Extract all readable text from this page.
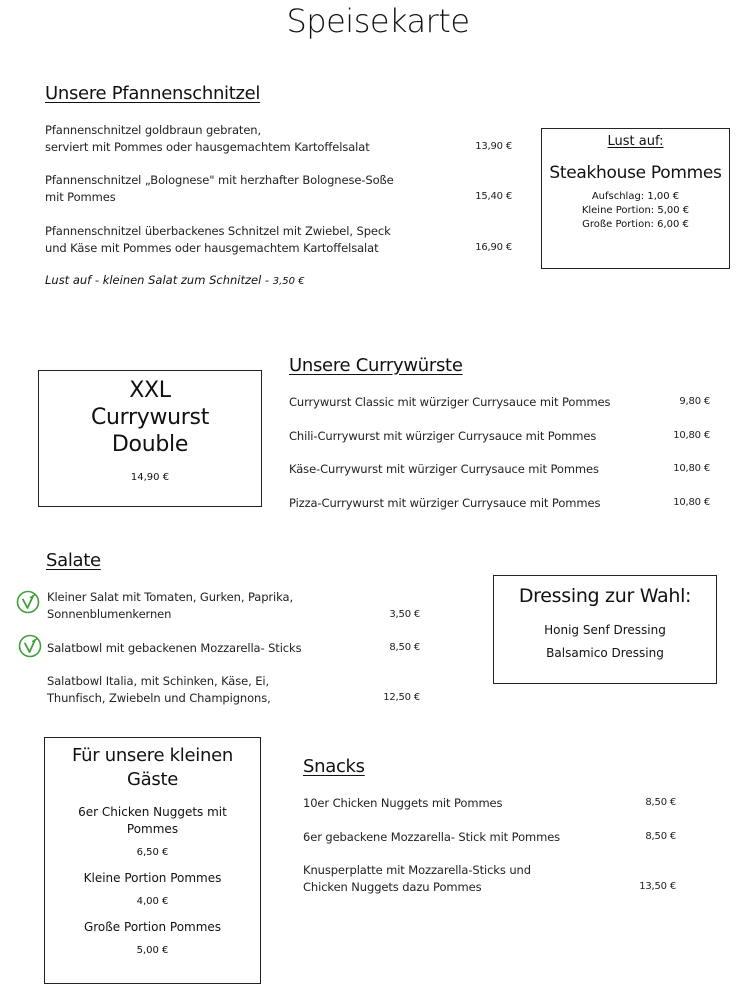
Speisekarte
Unsere Pfannenschnitzel
Pfannenschnitzel goldbraun gebraten,
serviert mit Pommes oder hausgemachtem Kartoffelsalat	13,90 €
Pfannenschnitzel „Bolognese" mit herzhafter Bolognese-Soße
mit Pommes	15,40 €
Pfannenschnitzel überbackenes Schnitzel mit Zwiebel, Speck
und Käse mit Pommes oder hausgemachtem Kartoffelsalat	16,90 €
Lust auf - kleinen Salat zum Schnitzel - 3,50 €
Lust auf:
Steakhouse Pommes
Aufschlag: 1,00 €
Kleine Portion: 5,00 €
Große Portion: 6,00 €
XXL
Currywurst
Double
14,90 €
Unsere Currywürste
Currywurst Classic mit würziger Currysauce mit Pommes	9,80 €
Chili-Currywurst mit würziger Currysauce mit Pommes	10,80 €
Käse-Currywurst mit würziger Currysauce mit Pommes	10,80 €
Pizza-Currywurst mit würziger Currysauce mit Pommes	10,80 €
Salate
Kleiner Salat mit Tomaten, Gurken, Paprika,
Sonnenblumenkernen	3,50 €
Salatbowl mit gebackenen Mozzarella- Sticks	8,50 €
Salatbowl Italia, mit Schinken, Käse, Ei,
Thunfisch, Zwiebeln und Champignons,	12,50 €
Dressing zur Wahl:
Honig Senf Dressing
Balsamico Dressing
Für unsere kleinen
Gäste
6er Chicken Nuggets mit
Pommes
6,50 €
Kleine Portion Pommes
4,00 €
Große Portion Pommes
5,00 €
Snacks
10er Chicken Nuggets mit Pommes	8,50 €
6er gebackene Mozzarella- Stick mit Pommes	8,50 €
Knusperplatte mit Mozzarella-Sticks und
Chicken Nuggets dazu Pommes	13,50 €
